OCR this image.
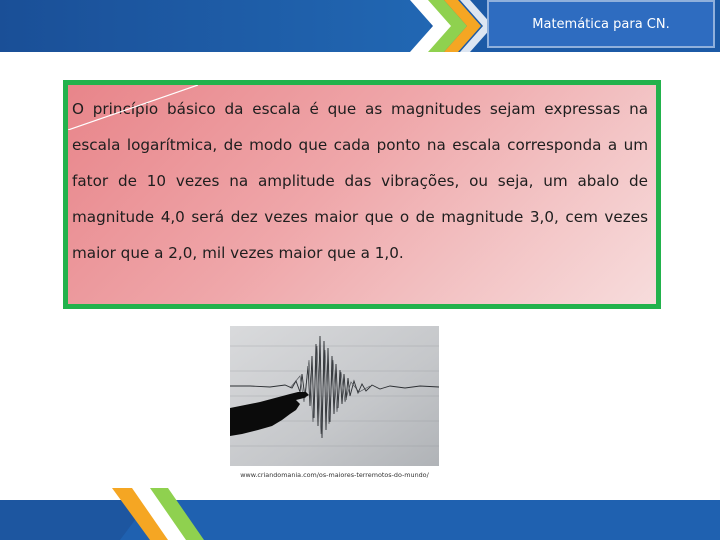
Matemática para CN.

O princípio básico da escala é que as magnitudes sejam expressas na escala logarítmica, de modo que cada ponto na escala corresponda a um fator de 10 vezes na amplitude das vibrações, ou seja, um abalo de magnitude 4,0 será dez vezes maior que o de magnitude 3,0, cem vezes maior que a 2,0, mil vezes maior que a 1,0.

www.criandomania.com/os-maiores-terremotos-do-mundo/
